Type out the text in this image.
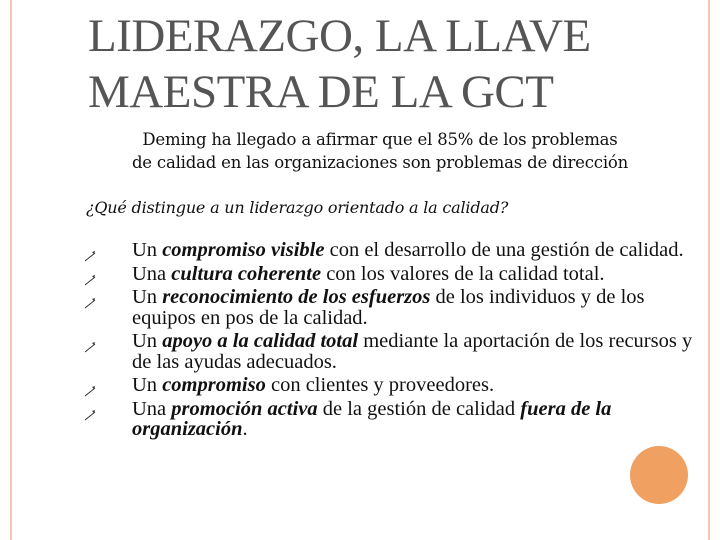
LIDERAZGO, LA LLAVE
MAESTRA DE LA GCT
Deming ha llegado a afirmar que el 85% de los problemas
de calidad en las organizaciones son problemas de dirección
¿Qué distingue a un liderazgo orientado a la calidad?
Un compromiso visible con el desarrollo de una gestión de calidad.
Una cultura coherente con los valores de la calidad total.
Un reconocimiento de los esfuerzos de los individuos y de los equipos en pos de la calidad.
Un apoyo a la calidad total mediante la aportación de los recursos y de las ayudas adecuados.
Un compromiso con clientes y proveedores.
Una promoción activa de la gestión de calidad fuera de la organización.
